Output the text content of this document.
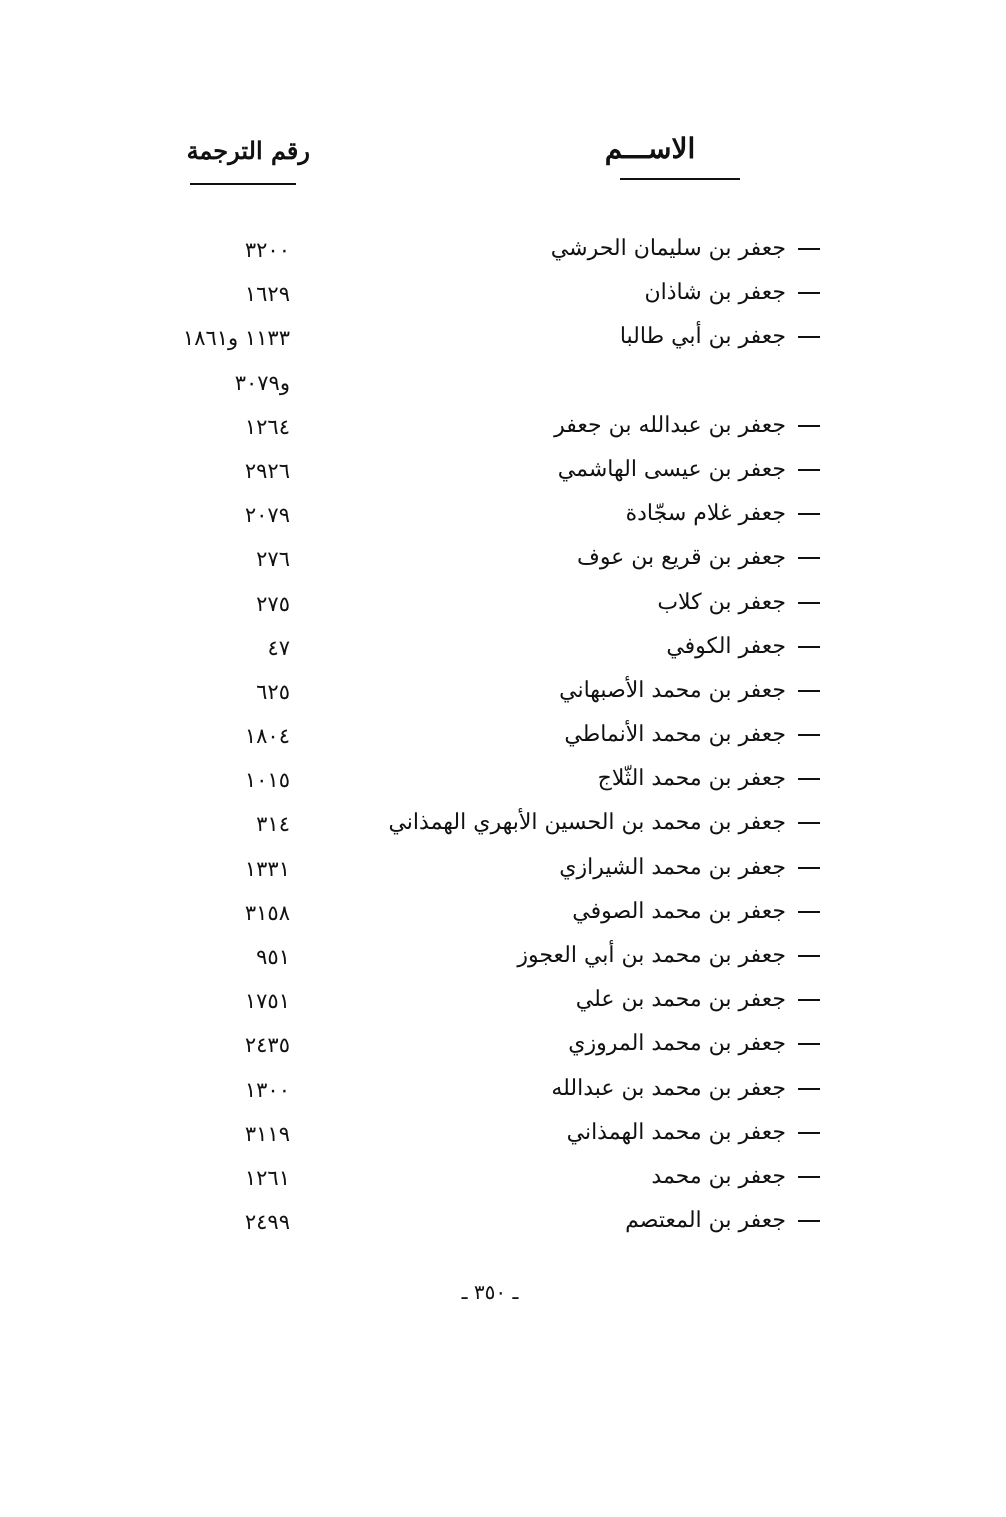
الاســـم
رقم الترجمة
جعفر بن سليمان الحرشي
٣٢٠٠
جعفر بن شاذان
١٦٢٩
جعفر بن أبي طالبا
١١٣٣ و١٨٦١
و٣٠٧٩
جعفر بن عبدالله بن جعفر
١٢٦٤
جعفر بن عيسى الهاشمي
٢٩٢٦
جعفر غلام سجّادة
٢٠٧٩
جعفر بن قريع بن عوف
٢٧٦
جعفر بن كلاب
٢٧٥
جعفر الكوفي
٤٧
جعفر بن محمد الأصبهاني
٦٢٥
جعفر بن محمد الأنماطي
١٨٠٤
جعفر بن محمد الثّلاج
١٠١٥
جعفر بن محمد بن الحسين الأبهري الهمذاني
٣١٤
جعفر بن محمد الشيرازي
١٣٣١
جعفر بن محمد الصوفي
٣١٥٨
جعفر بن محمد بن أبي العجوز
٩٥١
جعفر بن محمد بن علي
١٧٥١
جعفر بن محمد المروزي
٢٤٣٥
جعفر بن محمد بن عبدالله
١٣٠٠
جعفر بن محمد الهمذاني
٣١١٩
جعفر بن محمد
١٢٦١
جعفر بن المعتصم
٢٤٩٩
ـ ٣٥٠ ـ
